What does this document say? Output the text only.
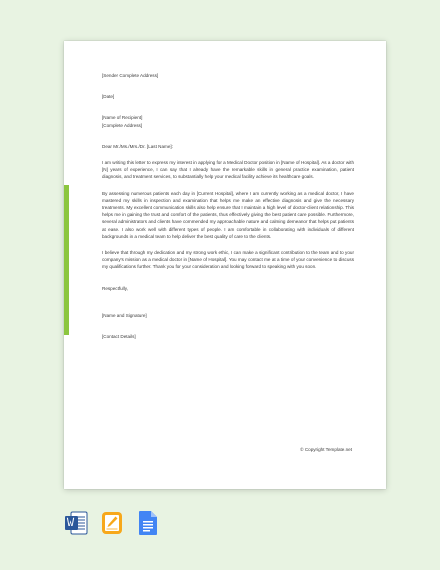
[Sender Complete Address]

[Date]

[Name of Recipient]

[Complete Address]

Dear Mr./Ms./Mrs./Dr. [Last Name]:

I am writing this letter to express my interest in applying for a Medical Doctor position in [Name of Hospital]. As a doctor with [N] years of experience, I can say that I already have the remarkable skills in general practice examination, patient diagnosis, and treatment services, to substantially help your medical facility achieve its healthcare goals.

By assessing numerous patients each day in [Current Hospital], where I am currently working as a medical doctor, I have mastered my skills in inspection and examination that helps me make an effective diagnosis and give the necessary treatments. My excellent communication skills also help ensure that I maintain a high level of doctor-client relationship. This helps me in gaining the trust and comfort of the patients, thus effectively giving the best patient care possible. Furthermore, several administrators and clients have commended my approachable nature and calming demeanor that helps put patients at ease. I also work well with different types of people. I am comfortable in collaborating with individuals of different backgrounds in a medical team to help deliver the best quality of care to the clients.

I believe that through my dedication and my strong work ethic, I can make a significant contribution to the team and to your company's mission as a medical doctor in [Name of Hospital]. You may contact me at a time of your convenience to discuss my qualifications further. Thank you for your consideration and looking forward to speaking with you soon.

Respectfully,

[Name and Signature]

[Contact Details]

© Copyright Template.net
